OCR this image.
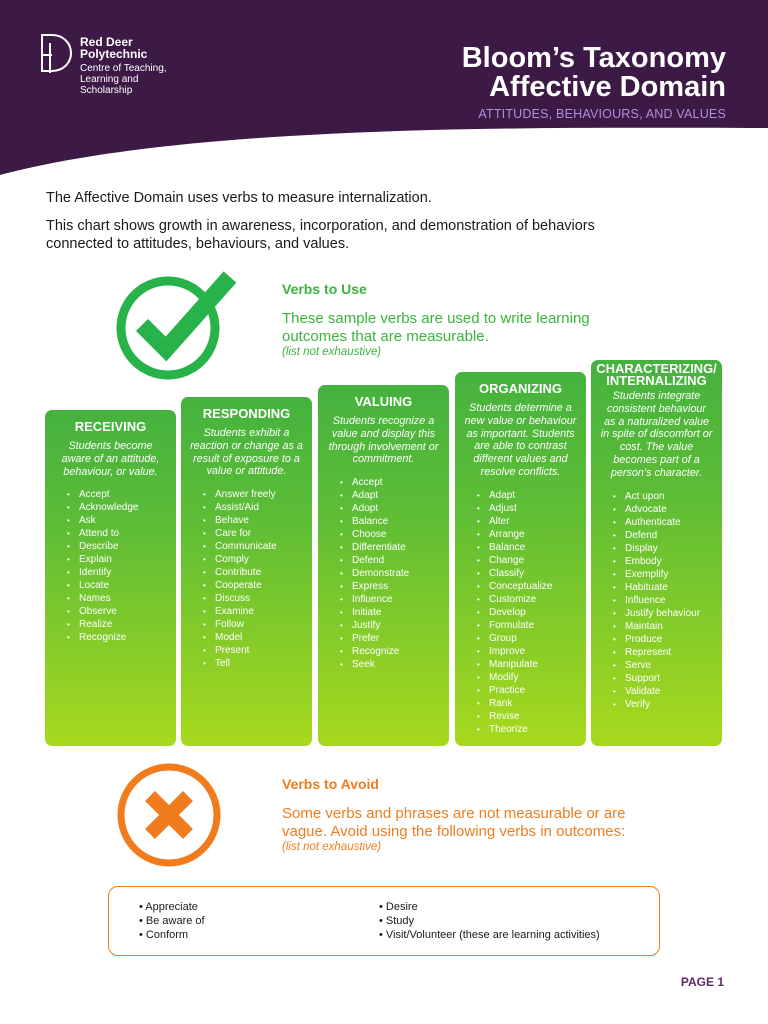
Red Deer
Polytechnic
Centre of Teaching,
Learning and
Scholarship
Bloom’s Taxonomy
Affective Domain
ATTITUDES, BEHAVIOURS, AND VALUES

The Affective Domain uses verbs to measure internalization.

This chart shows growth in awareness, incorporation, and demonstration of behaviors connected to attitudes, behaviours, and values.

Verbs to Use
These sample verbs are used to write learning outcomes that are measurable.
(list not exhaustive)
RECEIVING
Students become aware of an attitude, behaviour, or value.
• Accept
• Acknowledge
• Ask
• Attend to
• Describe
• Explain
• Identify
• Locate
• Names
• Observe
• Realize
• Recognize
RESPONDING
Students exhibit a reaction or change as a result of exposure to a value or attitude.
• Answer freely
• Assist/Aid
• Behave
• Care for
• Communicate
• Comply
• Contribute
• Cooperate
• Discuss
• Examine
• Follow
• Model
• Present
• Tell
VALUING
Students recognize a value and display this through involvement or commitment.
• Accept
• Adapt
• Adopt
• Balance
• Choose
• Differentiate
• Defend
• Demonstrate
• Express
• Influence
• Initiate
• Justify
• Prefer
• Recognize
• Seek
ORGANIZING
Students determine a new value or behaviour as important. Students are able to contrast different values and resolve conflicts.
• Adapt
• Adjust
• Alter
• Arrange
• Balance
• Change
• Classify
• Conceptualize
• Customize
• Develop
• Formulate
• Group
• Improve
• Manipulate
• Modify
• Practice
• Rank
• Revise
• Theorize
CHARACTERIZING/ INTERNALIZING
Students integrate consistent behaviour as a naturalized value in spite of discomfort or cost. The value becomes part of a person’s character.
• Act upon
• Advocate
• Authenticate
• Defend
• Display
• Embody
• Exemplify
• Habituate
• Influence
• Justify behaviour
• Maintain
• Produce
• Represent
• Serve
• Support
• Validate
• Verify
Verbs to Avoid
Some verbs and phrases are not measurable or are vague. Avoid using the following verbs in outcomes:
(list not exhaustive)
• Appreciate
• Be aware of
• Conform
• Desire
• Study
• Visit/Volunteer (these are learning activities)
PAGE 1
